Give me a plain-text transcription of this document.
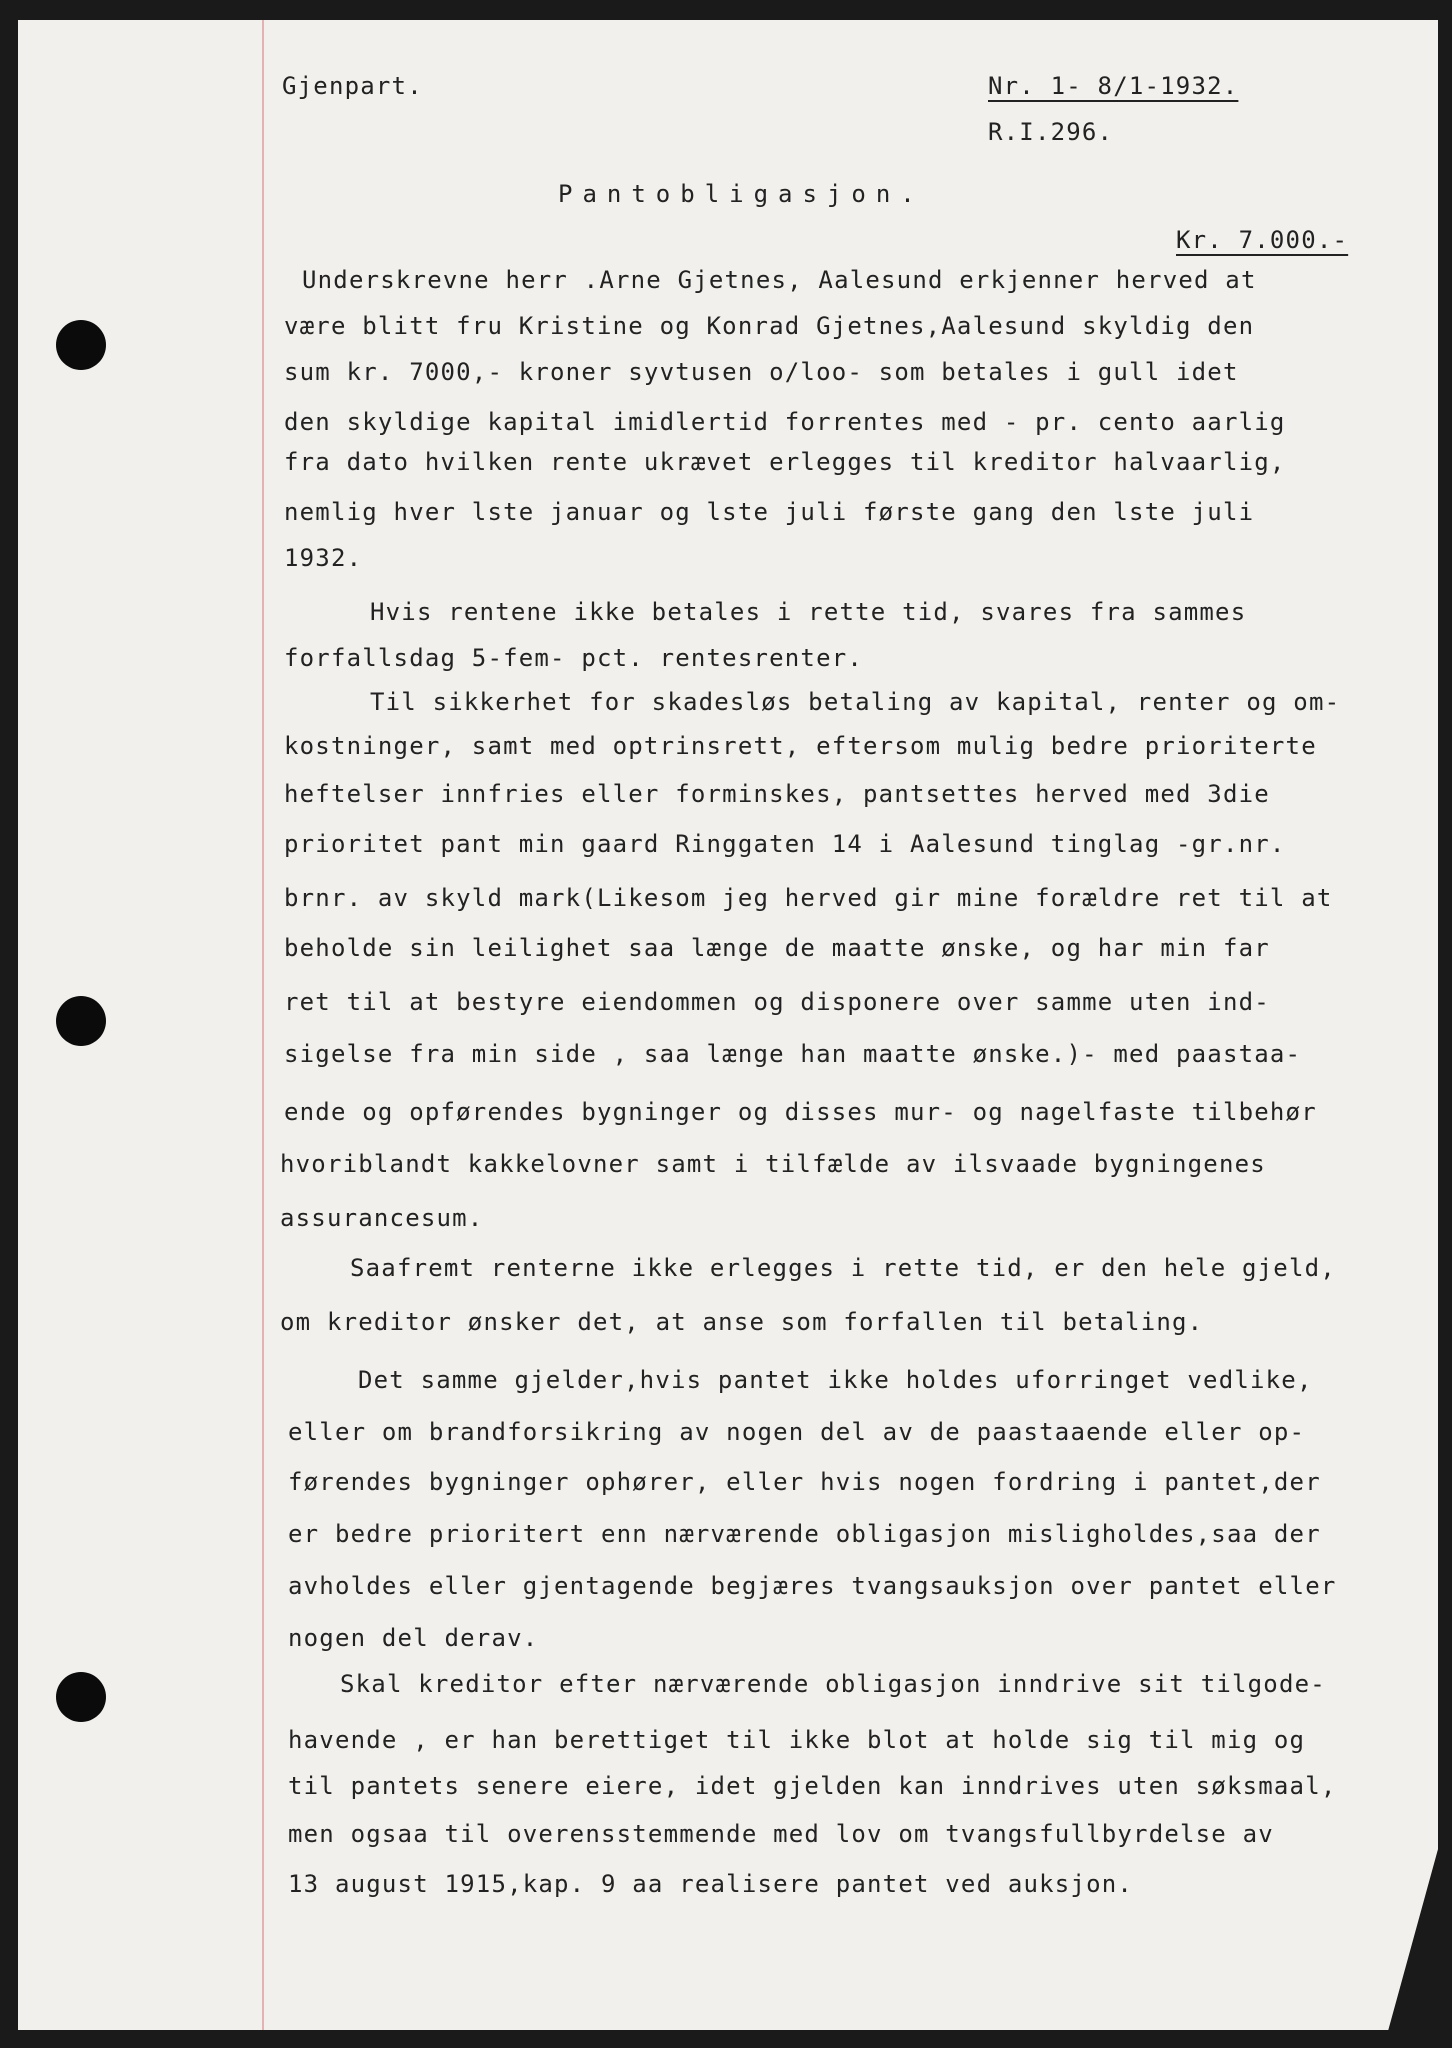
Gjenpart.	Nr. 1- 8/1-1932.

R.I.296.

Pantobligasjon.

Kr. 7.000.-

Underskrevne herr .Arne Gjetnes, Aalesund erkjenner herved at

være blitt fru Kristine og Konrad Gjetnes,Aalesund skyldig den

sum kr. 7000,- kroner syvtusen o/loo- som betales i gull idet

den skyldige kapital imidlertid forrentes med - pr. cento aarlig

fra dato hvilken rente ukrævet erlegges til kreditor halvaarlig,

nemlig hver lste januar og lste juli første gang den lste juli

1932.

Hvis rentene ikke betales i rette tid, svares fra sammes

forfallsdag 5-fem- pct. rentesrenter.

Til sikkerhet for skadesløs betaling av kapital, renter og om-

kostninger, samt med optrinsrett, eftersom mulig bedre prioriterte

heftelser innfries eller forminskes, pantsettes herved med 3die

prioritet pant min gaard Ringgaten 14 i Aalesund tinglag -gr.nr.

brnr. av skyld mark(Likesom jeg herved gir mine forældre ret til at

beholde sin leilighet saa længe de maatte ønske, og har min far

ret til at bestyre eiendommen og disponere over samme uten ind-

sigelse fra min side , saa længe han maatte ønske.)- med paastaa-

ende og opførendes bygninger og disses mur- og nagelfaste tilbehør

hvoriblandt kakkelovner samt i tilfælde av ilsvaade bygningenes

assurancesum.

Saafremt renterne ikke erlegges i rette tid, er den hele gjeld,

om kreditor ønsker det, at anse som forfallen til betaling.

Det samme gjelder,hvis pantet ikke holdes uforringet vedlike,

eller om brandforsikring av nogen del av de paastaaende eller op-

førendes bygninger ophører, eller hvis nogen fordring i pantet,der

er bedre prioritert enn nærværende obligasjon misligholdes,saa der

avholdes eller gjentagende begjæres tvangsauksjon over pantet eller

nogen del derav.

Skal kreditor efter nærværende obligasjon inndrive sit tilgode-

havende , er han berettiget til ikke blot at holde sig til mig og

til pantets senere eiere, idet gjelden kan inndrives uten søksmaal,

men ogsaa til overensstemmende med lov om tvangsfullbyrdelse av

13 august 1915,kap. 9 aa realisere pantet ved auksjon.
